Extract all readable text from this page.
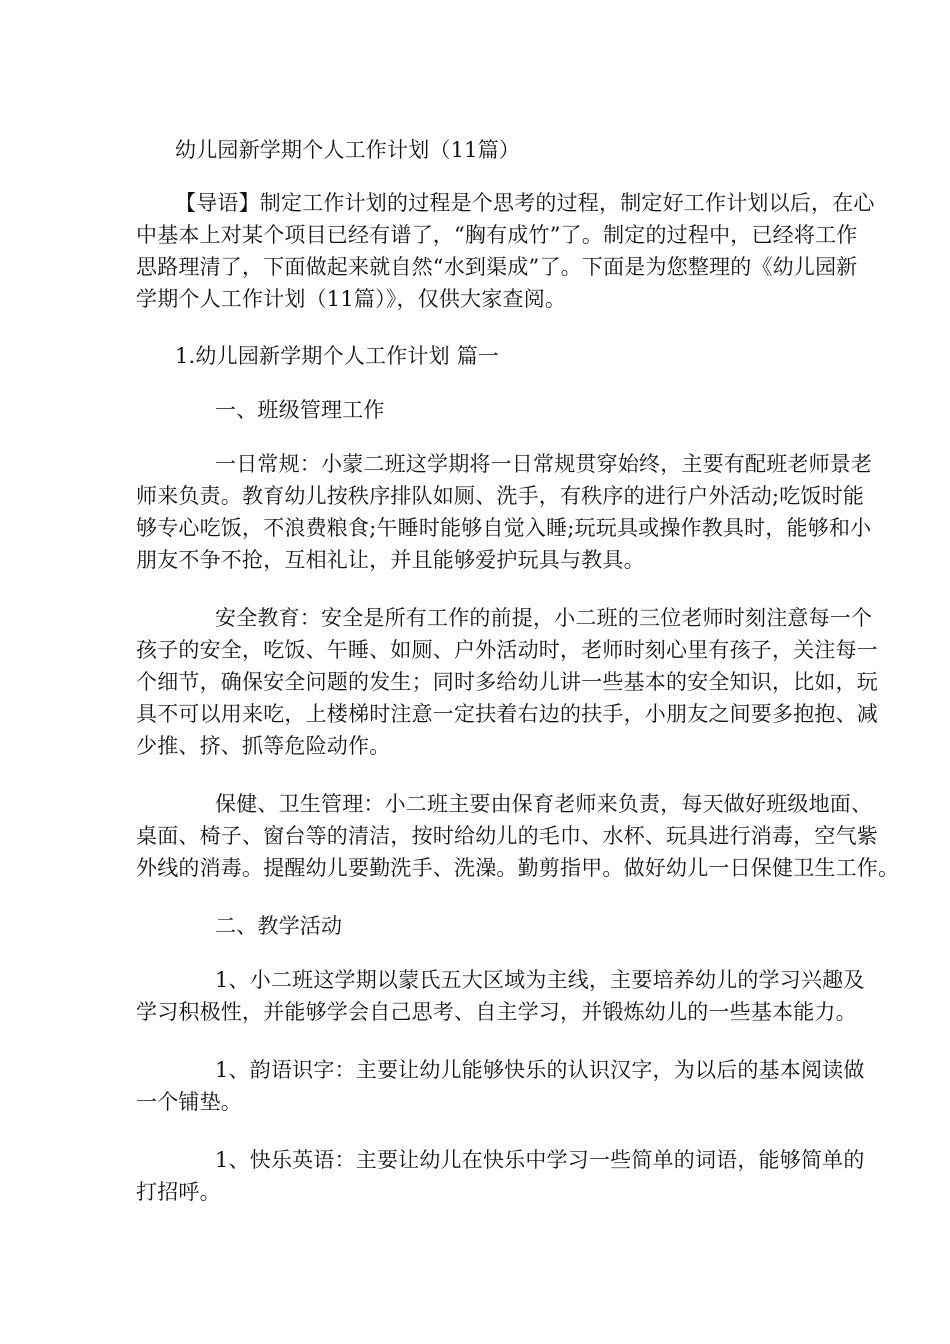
幼儿园新学期个人工作计划（11篇）
【导语】制定工作计划的过程是个思考的过程，制定好工作计划以后，在心
中基本上对某个项目已经有谱了，“胸有成竹”了。制定的过程中，已经将工作
思路理清了，下面做起来就自然“水到渠成”了。下面是为您整理的《幼儿园新
学期个人工作计划（11篇）》，仅供大家查阅。
1.幼儿园新学期个人工作计划 篇一
一、班级管理工作
一日常规：小蒙二班这学期将一日常规贯穿始终，主要有配班老师景老
师来负责。教育幼儿按秩序排队如厕、洗手，有秩序的进行户外活动;吃饭时能
够专心吃饭，不浪费粮食;午睡时能够自觉入睡;玩玩具或操作教具时，能够和小
朋友不争不抢，互相礼让，并且能够爱护玩具与教具。
安全教育：安全是所有工作的前提，小二班的三位老师时刻注意每一个
孩子的安全，吃饭、午睡、如厕、户外活动时，老师时刻心里有孩子，关注每一
个细节，确保安全问题的发生；同时多给幼儿讲一些基本的安全知识，比如，玩
具不可以用来吃，上楼梯时注意一定扶着右边的扶手，小朋友之间要多抱抱、减
少推、挤、抓等危险动作。
保健、卫生管理：小二班主要由保育老师来负责，每天做好班级地面、
桌面、椅子、窗台等的清洁，按时给幼儿的毛巾、水杯、玩具进行消毒，空气紫
外线的消毒。提醒幼儿要勤洗手、洗澡。勤剪指甲。做好幼儿一日保健卫生工作。
二、教学活动
1、小二班这学期以蒙氏五大区域为主线，主要培养幼儿的学习兴趣及
学习积极性，并能够学会自己思考、自主学习，并锻炼幼儿的一些基本能力。
1、韵语识字：主要让幼儿能够快乐的认识汉字，为以后的基本阅读做
一个铺垫。
1、快乐英语：主要让幼儿在快乐中学习一些简单的词语，能够简单的
打招呼。
